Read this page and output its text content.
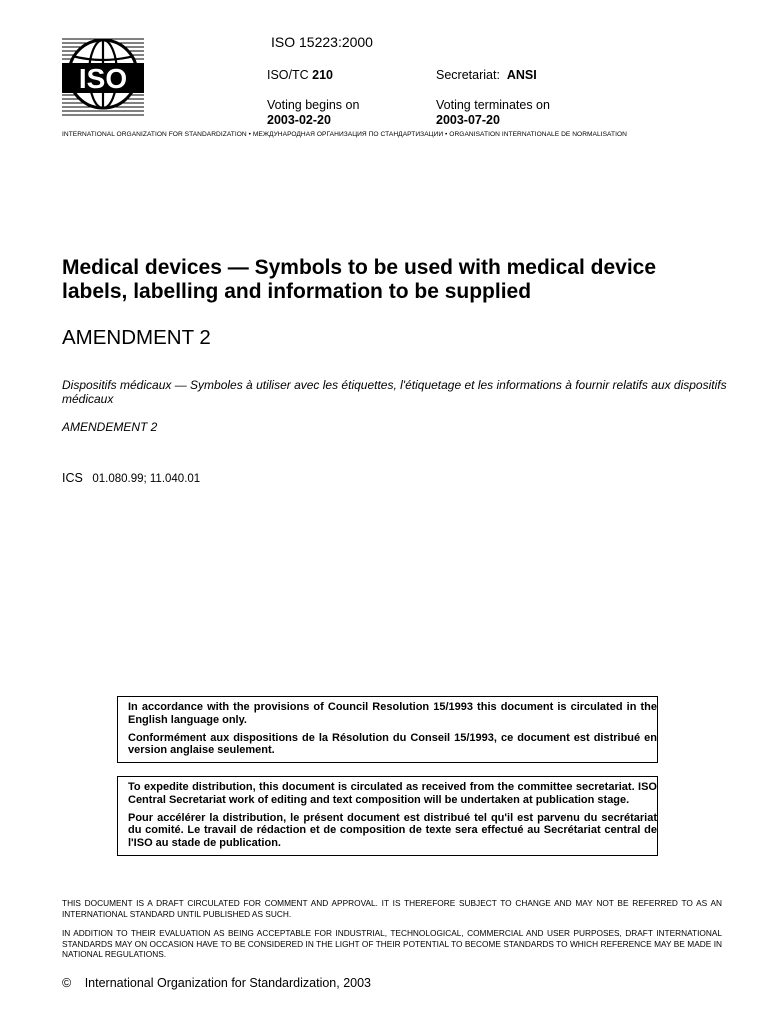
ISO
ISO 15223:2000
ISO/TC 210	Secretariat: ANSI
Voting begins on
2003-02-20
Voting terminates on
2003-07-20
INTERNATIONAL ORGANIZATION FOR STANDARDIZATION • МЕЖДУНАРОДНАЯ ОРГАНИЗАЦИЯ ПО СТАНДАРТИЗАЦИИ • ORGANISATION INTERNATIONALE DE NORMALISATION
Medical devices — Symbols to be used with medical device
labels, labelling and information to be supplied
AMENDMENT 2
Dispositifs médicaux — Symboles à utiliser avec les étiquettes, l'étiquetage et les informations à fournir relatifs aux dispositifs médicaux
AMENDEMENT 2
ICS 01.080.99; 11.040.01

In accordance with the provisions of Council Resolution 15/1993 this document is circulated in the English language only.

Conformément aux dispositions de la Résolution du Conseil 15/1993, ce document est distribué en version anglaise seulement.

To expedite distribution, this document is circulated as received from the committee secretariat. ISO Central Secretariat work of editing and text composition will be undertaken at publication stage.

Pour accélérer la distribution, le présent document est distribué tel qu'il est parvenu du secrétariat du comité. Le travail de rédaction et de composition de texte sera effectué au Secrétariat central de l'ISO au stade de publication.

THIS DOCUMENT IS A DRAFT CIRCULATED FOR COMMENT AND APPROVAL. IT IS THEREFORE SUBJECT TO CHANGE AND MAY NOT BE REFERRED TO AS AN INTERNATIONAL STANDARD UNTIL PUBLISHED AS SUCH.
IN ADDITION TO THEIR EVALUATION AS BEING ACCEPTABLE FOR INDUSTRIAL, TECHNOLOGICAL, COMMERCIAL AND USER PURPOSES, DRAFT INTERNATIONAL STANDARDS MAY ON OCCASION HAVE TO BE CONSIDERED IN THE LIGHT OF THEIR POTENTIAL TO BECOME STANDARDS TO WHICH REFERENCE MAY BE MADE IN NATIONAL REGULATIONS.
© International Organization for Standardization, 2003
